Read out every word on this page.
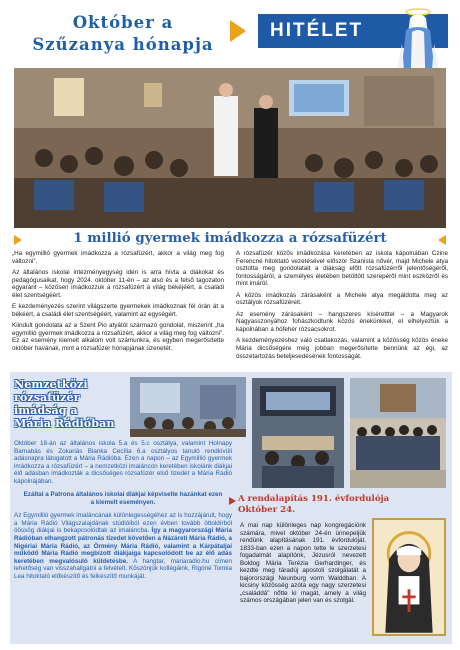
Október a
Szűzanya hónapja
HITÉLET
1 millió gyermek imádkozza a rózsafüzért

„Ha egymillió gyermek imádkozza a rózsafüzért, akkor a világ meg fog változni”.

Az általános iskolai intézményegység idén is arra hívta a diákokat és pedagógusaikat, hogy 2024. október 11-én – az alsó és a felső tagozaton egyaránt – közösen imádkozzuk a rózsafüzért a világ békéjéért, a családi élet szentségéért.

E kezdeményezés szerint világszerte gyermekek imádkoznak fél órán át a békéért, a családi élet szentségéért, valamint az egységért.

Kiindult gondolata az a Szent Pio atyától származó gondolat, miszerint „ha egymillió gyermek imádkozza a rózsafüzért, akkor a világ meg fog változni”. Ez az esemény kiemelt alkalom volt számunkra, és egyben megerősítette október havának, mint a rózsafüzér hónapjának üzenetét.

A rózsafüzér közös imádkozása keretében az iskola kápolnában Czine Ferencné hitoktató vezetésével először Szanista nővér, majd Michele atya osztotta meg gondolatait a diákság előtt rózsafüzérről jelentőségéről, fontosságáról, a személyes életében betöltött szerepéről mint eszközről és mint imáról.

A közös imádkozás zárásaként a Michele atya megáldotta meg az osztályok rózsafüzéreit.

Az esemény zárásaként – hangszeres kíséretttel – a Magyarok Nagyasszonyához fohászkodtunk közös énekünkkel, el elhelyeztük a kápolnában a hófehér rózsacsokrot.

A kezdeményezéshez való csatlakozás, valamint a közösség közös éneke Mária dicsőségére még jobban megerősítette bennünk az égi, az összetartozás beteljesedésének fontosságát.

Nemzetközi
rózsafüzér
imádság a
Mária Rádióban

Október 18-án az általános iskola 5.a és 5.c osztálya, valamint Holnapy Barnabás és Zokariás Blanka Cecília 6.a osztályos tanuló rendkívüli adásnapra látogatott a Mária Rádióba. Ezen a napon – az Egymillió gyermek imádkozza a rózsafüzért – a nemzetközi imaláncon keretében iskolánk diákjai élő adásban imádkozták a dicsőséges rózsafüzér első tizedét a Mária Rádió kápolnájában.

Ezáltal a Patrona általános iskolai diákjai képviselte hazánkat ezen a kiemelt eseményen.

Az Egymillió gyermek imaláncának különlegességéhez az is hozzájárult, hogy a Mária Rádió Világszalajdának stúdióiból ezen évben tovább öttoldírból öössög diákjai is bekapcsolódtak az imaláncba. Így a magyarországi Mária Rádióban elhangzott pátronás tizedet követően a Názáreti Mária Rádió, a Nigériai Mária Rádió, az Örmény Mária Rádió, valamint a Kárpátaljai működő Mária Rádió megbízott diákjaiga kapcsolódott be az élő adás keretében megvalósuló küldetésbe. A hangtar, mariaradio.hu címen lehetőség van visszahallgatni a felvételt. Köszönjük kollégáink, Rigóné Tomka Lea hitoktató előkészítő és felkészítő munkáját.

A rendalapítás 191. évfordulója
Október 24.
A mai nap különleges nap kongregációnk számára, mivel október 24-én ünnepeljük rendünk alapításának 191. évfordulóját. 1833-ban ezen a napon tette le szerzetesi fogadalmát alapítónk, Jézusról nevezett Boldog Mária Terézia Gerhardinger, és kezdte meg táradúj apostoli szolgálatát a bajorországi Neunburg vorm Walddban. A kicsiny közösség azóta egy nagy szerzetesi „családdá” nőtte ki magát, amely a világ számos országában jelen van és szolgál.
